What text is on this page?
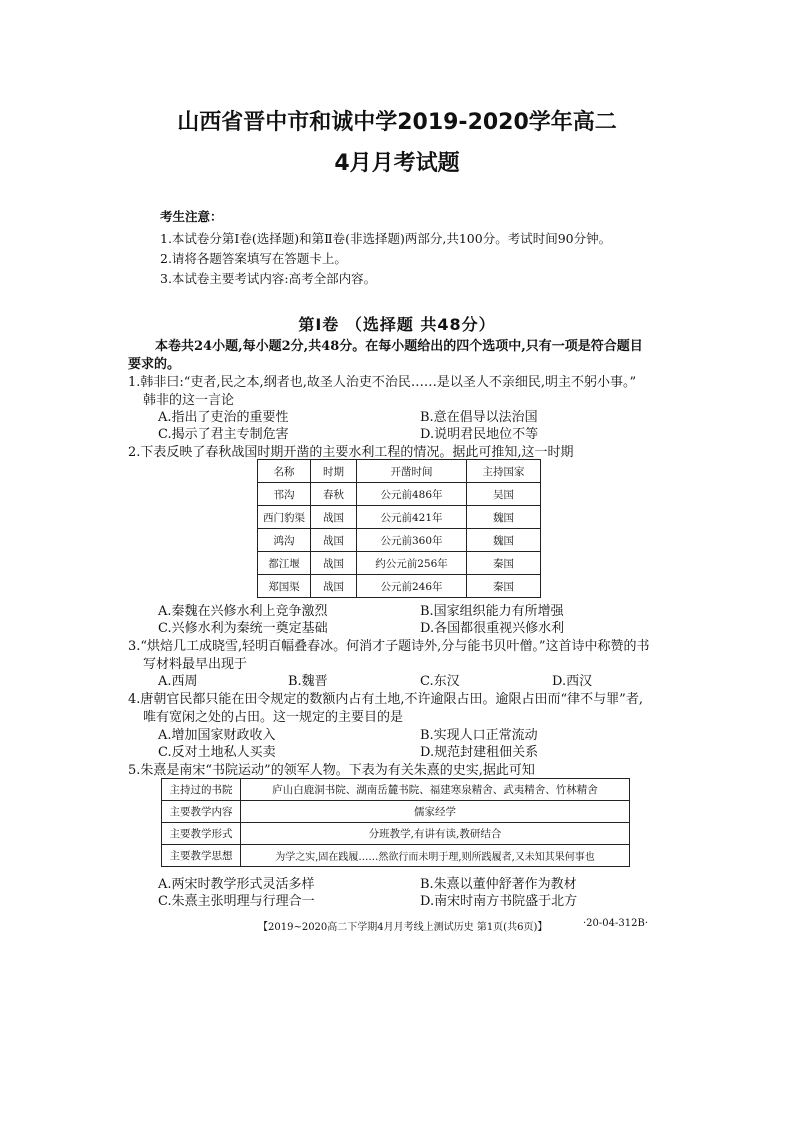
山西省晋中市和诚中学2019-2020学年高二
4月月考试题
考生注意：
1.本试卷分第Ⅰ卷(选择题)和第Ⅱ卷(非选择题)两部分,共100分。考试时间90分钟。
2.请将各题答案填写在答题卡上。
3.本试卷主要考试内容:高考全部内容。
第Ⅰ卷 （选择题 共48分）
本卷共24小题,每小题2分,共48分。在每小题给出的四个选项中,只有一项是符合题目
要求的。
1.韩非曰:“吏者,民之本,纲者也,故圣人治吏不治民……是以圣人不亲细民,明主不躬小事。”
韩非的这一言论
A.指出了吏治的重要性	B.意在倡导以法治国
C.揭示了君主专制危害	D.说明君民地位不等
2.下表反映了春秋战国时期开凿的主要水利工程的情况。据此可推知,这一时期
名称	时期	开凿时间	主持国家
邗沟	春秋	公元前486年	吴国
西门豹渠	战国	公元前421年	魏国
鸿沟	战国	公元前360年	魏国
都江堰	战国	约公元前256年	秦国
郑国渠	战国	公元前246年	秦国
A.秦魏在兴修水利上竞争激烈	B.国家组织能力有所增强
C.兴修水利为秦统一奠定基础	D.各国都很重视兴修水利
3.“烘焙几工成晓雪,轻明百幅叠春冰。何消才子题诗外,分与能书贝叶僧。”这首诗中称赞的书
写材料最早出现于
A.西周	B.魏晋	C.东汉	D.西汉
4.唐朝官民都只能在田令规定的数额内占有土地,不许逾限占田。逾限占田而“律不与罪”者,
唯有宽闲之处的占田。这一规定的主要目的是
A.增加国家财政收入	B.实现人口正常流动
C.反对土地私人买卖	D.规范封建租佃关系
5.朱熹是南宋“书院运动”的领军人物。下表为有关朱熹的史实,据此可知
主持过的书院	庐山白鹿洞书院、湖南岳麓书院、福建寒泉精舍、武夷精舍、竹林精舍
主要教学内容	儒家经学
主要教学形式	分班教学,有讲有读,教研结合
主要教学思想	为学之实,固在践履……然欲行而未明于理,则所践履者,又未知其果何事也
A.两宋时教学形式灵活多样	B.朱熹以董仲舒著作为教材
C.朱熹主张明理与行理合一	D.南宋时南方书院盛于北方
【2019~2020高二下学期4月月考线上测试历史 第1页(共6页)】	·20-04-312B·
